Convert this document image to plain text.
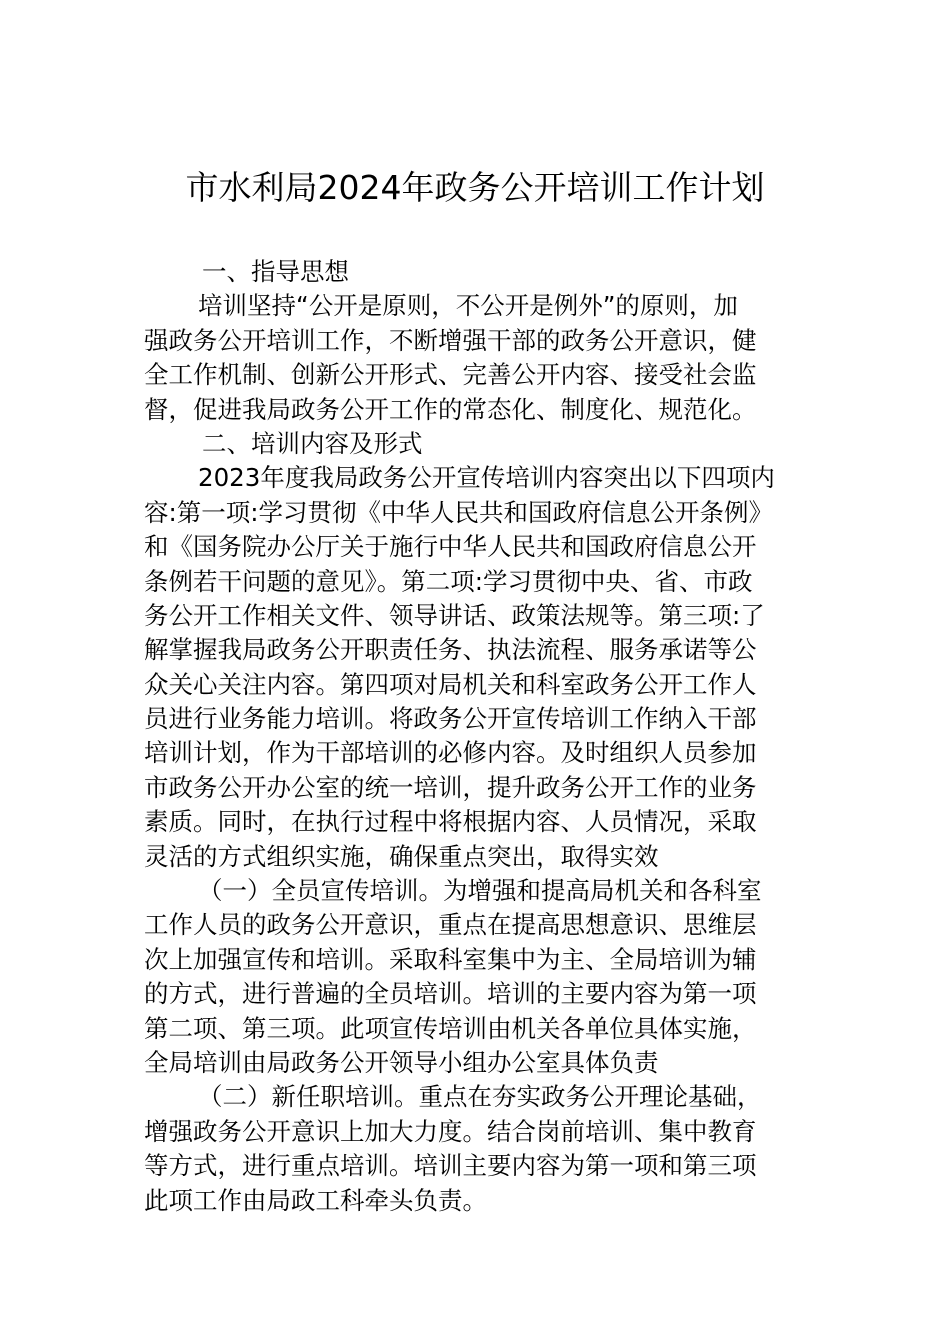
市水利局2024年政务公开培训工作计划
一、指导思想
培训坚持“公开是原则，不公开是例外”的原则，加
强政务公开培训工作，不断增强干部的政务公开意识，健
全工作机制、创新公开形式、完善公开内容、接受社会监
督，促进我局政务公开工作的常态化、制度化、规范化。
二、培训内容及形式
2023年度我局政务公开宣传培训内容突出以下四项内
容:第一项:学习贯彻《中华人民共和国政府信息公开条例》
和《国务院办公厅关于施行中华人民共和国政府信息公开
条例若干问题的意见》。第二项:学习贯彻中央、省、市政
务公开工作相关文件、领导讲话、政策法规等。第三项:了
解掌握我局政务公开职责任务、执法流程、服务承诺等公
众关心关注内容。第四项对局机关和科室政务公开工作人
员进行业务能力培训。将政务公开宣传培训工作纳入干部
培训计划，作为干部培训的必修内容。及时组织人员参加
市政务公开办公室的统一培训，提升政务公开工作的业务
素质。同时，在执行过程中将根据内容、人员情况，采取
灵活的方式组织实施，确保重点突出，取得实效
（一）全员宣传培训。为增强和提高局机关和各科室
工作人员的政务公开意识，重点在提高思想意识、思维层
次上加强宣传和培训。采取科室集中为主、全局培训为辅
的方式，进行普遍的全员培训。培训的主要内容为第一项
第二项、第三项。此项宣传培训由机关各单位具体实施，
全局培训由局政务公开领导小组办公室具体负责
（二）新任职培训。重点在夯实政务公开理论基础，
增强政务公开意识上加大力度。结合岗前培训、集中教育
等方式，进行重点培训。培训主要内容为第一项和第三项
此项工作由局政工科牵头负责。
